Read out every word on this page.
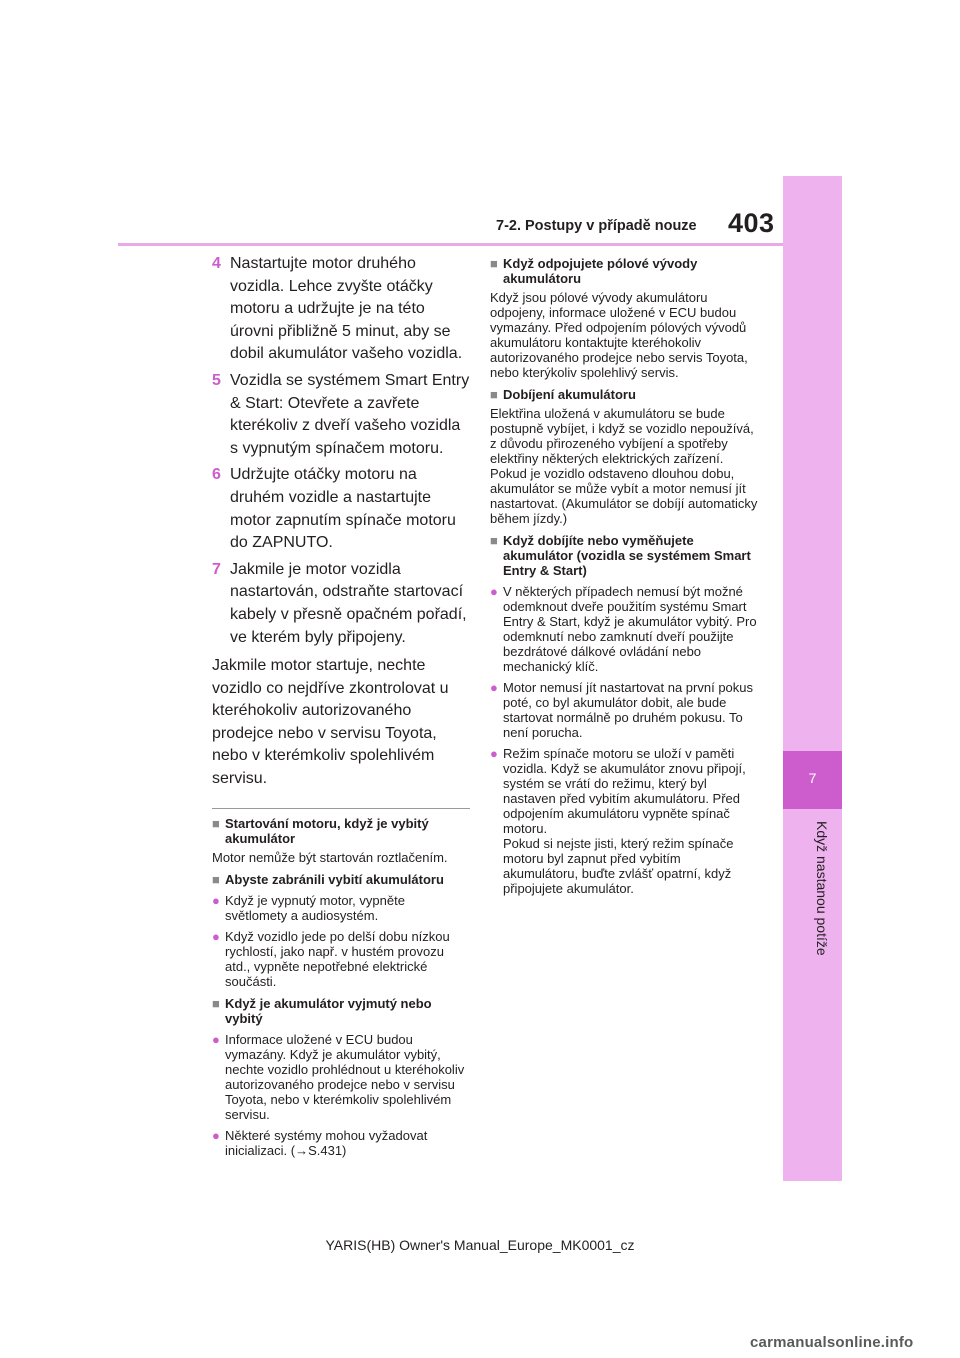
7
Když nastanou potíže
403
7-2. Postupy v případě nouze
4 Nastartujte motor druhého vozidla. Lehce zvyšte otáčky motoru a udržujte je na této úrovni přibližně 5 minut, aby se dobil akumulátor vašeho vozidla.
5 Vozidla se systémem Smart Entry & Start: Otevřete a zavřete kterékoliv z dveří vašeho vozidla s vypnutým spínačem motoru.
6 Udržujte otáčky motoru na druhém vozidle a nastartujte motor zapnutím spínače motoru do ZAPNUTO.
7 Jakmile je motor vozidla nastartován, odstraňte startovací kabely v přesně opačném pořadí, ve kterém byly připojeny.
Jakmile motor startuje, nechte vozidlo co nejdříve zkontrolovat u kteréhokoliv autorizovaného prodejce nebo v servisu Toyota, nebo v kterémkoliv spolehlivém servisu.
■ Startování motoru, když je vybitý akumulátor
Motor nemůže být startován roztlačením.
■ Abyste zabránili vybití akumulátoru
● Když je vypnutý motor, vypněte světlomety a audiosystém.
● Když vozidlo jede po delší dobu nízkou rychlostí, jako např. v hustém provozu atd., vypněte nepotřebné elektrické součásti.
■ Když je akumulátor vyjmutý nebo vybitý
● Informace uložené v ECU budou vymazány. Když je akumulátor vybitý, nechte vozidlo prohlédnout u kteréhokoliv autorizovaného prodejce nebo v servisu Toyota, nebo v kterémkoliv spolehlivém servisu.
● Některé systémy mohou vyžadovat inicializaci. (→S.431)
■ Když odpojujete pólové vývody akumulátoru
Když jsou pólové vývody akumulátoru odpojeny, informace uložené v ECU budou vymazány. Před odpojením pólových vývodů akumulátoru kontaktujte kteréhokoliv autorizovaného prodejce nebo servis Toyota, nebo kterýkoliv spolehlivý servis.
■ Dobíjení akumulátoru
Elektřina uložená v akumulátoru se bude postupně vybíjet, i když se vozidlo nepoužívá, z důvodu přirozeného vybíjení a spotřeby elektřiny některých elektrických zařízení. Pokud je vozidlo odstaveno dlouhou dobu, akumulátor se může vybít a motor nemusí jít nastartovat. (Akumulátor se dobíjí automaticky během jízdy.)
■ Když dobíjíte nebo vyměňujete akumulátor (vozidla se systémem Smart Entry & Start)
● V některých případech nemusí být možné odemknout dveře použitím systému Smart Entry & Start, když je akumulátor vybitý. Pro odemknutí nebo zamknutí dveří použijte bezdrátové dálkové ovládání nebo mechanický klíč.
● Motor nemusí jít nastartovat na první pokus poté, co byl akumulátor dobit, ale bude startovat normálně po druhém pokusu. To není porucha.
● Režim spínače motoru se uloží v paměti vozidla. Když se akumulátor znovu připojí, systém se vrátí do režimu, který byl nastaven před vybitím akumulátoru. Před odpojením akumulátoru vypněte spínač motoru.
Pokud si nejste jisti, který režim spínače motoru byl zapnut před vybitím akumulátoru, buďte zvlášť opatrní, když připojujete akumulátor.
YARIS(HB) Owner's Manual_Europe_MK0001_cz
carmanualsonline.info
